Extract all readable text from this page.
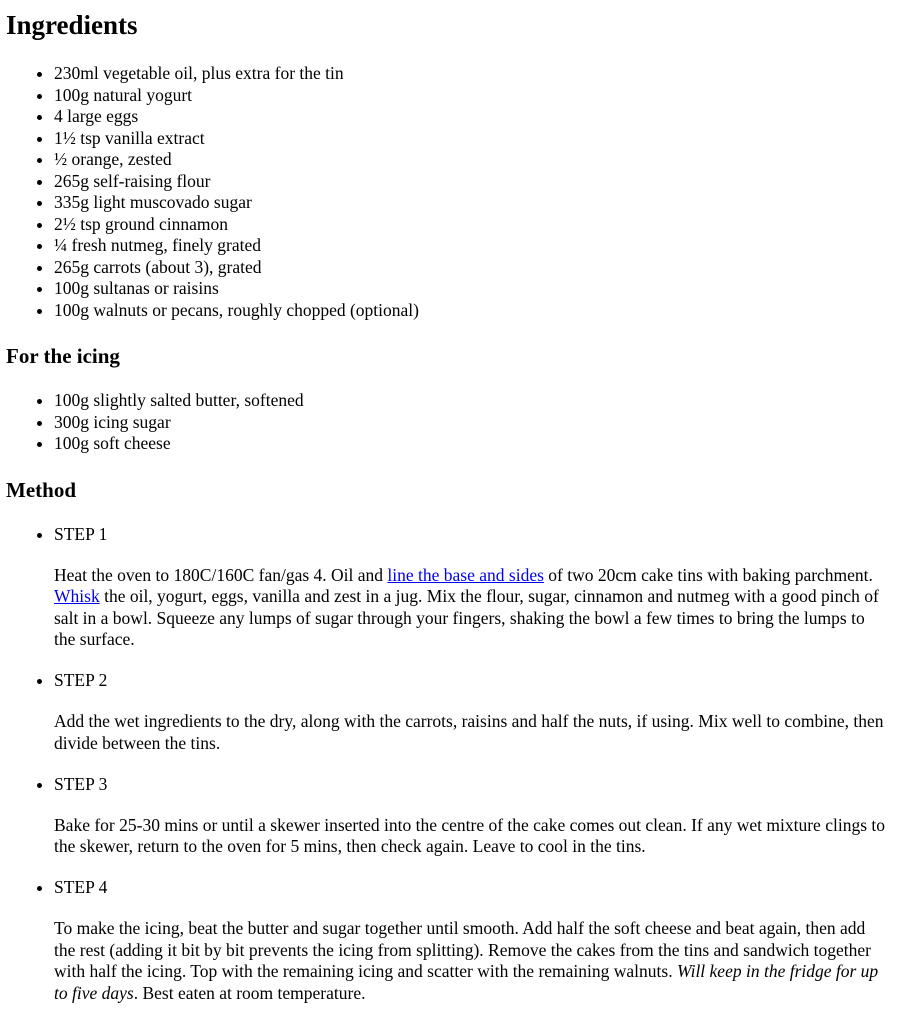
Ingredients
• 230ml vegetable oil, plus extra for the tin
• 100g natural yogurt
• 4 large eggs
• 1½ tsp vanilla extract
• ½ orange, zested
• 265g self-raising flour
• 335g light muscovado sugar
• 2½ tsp ground cinnamon
• ¼ fresh nutmeg, finely grated
• 265g carrots (about 3), grated
• 100g sultanas or raisins
• 100g walnuts or pecans, roughly chopped (optional)
For the icing
• 100g slightly salted butter, softened
• 300g icing sugar
• 100g soft cheese
Method
• STEP 1

Heat the oven to 180C/160C fan/gas 4. Oil and line the base and sides of two 20cm cake tins with baking parchment. Whisk the oil, yogurt, eggs, vanilla and zest in a jug. Mix the flour, sugar, cinnamon and nutmeg with a good pinch of salt in a bowl. Squeeze any lumps of sugar through your fingers, shaking the bowl a few times to bring the lumps to the surface.

• STEP 2

Add the wet ingredients to the dry, along with the carrots, raisins and half the nuts, if using. Mix well to combine, then divide between the tins.

• STEP 3

Bake for 25-30 mins or until a skewer inserted into the centre of the cake comes out clean. If any wet mixture clings to the skewer, return to the oven for 5 mins, then check again. Leave to cool in the tins.

• STEP 4

To make the icing, beat the butter and sugar together until smooth. Add half the soft cheese and beat again, then add the rest (adding it bit by bit prevents the icing from splitting). Remove the cakes from the tins and sandwich together with half the icing. Top with the remaining icing and scatter with the remaining walnuts. Will keep in the fridge for up to five days. Best eaten at room temperature.
